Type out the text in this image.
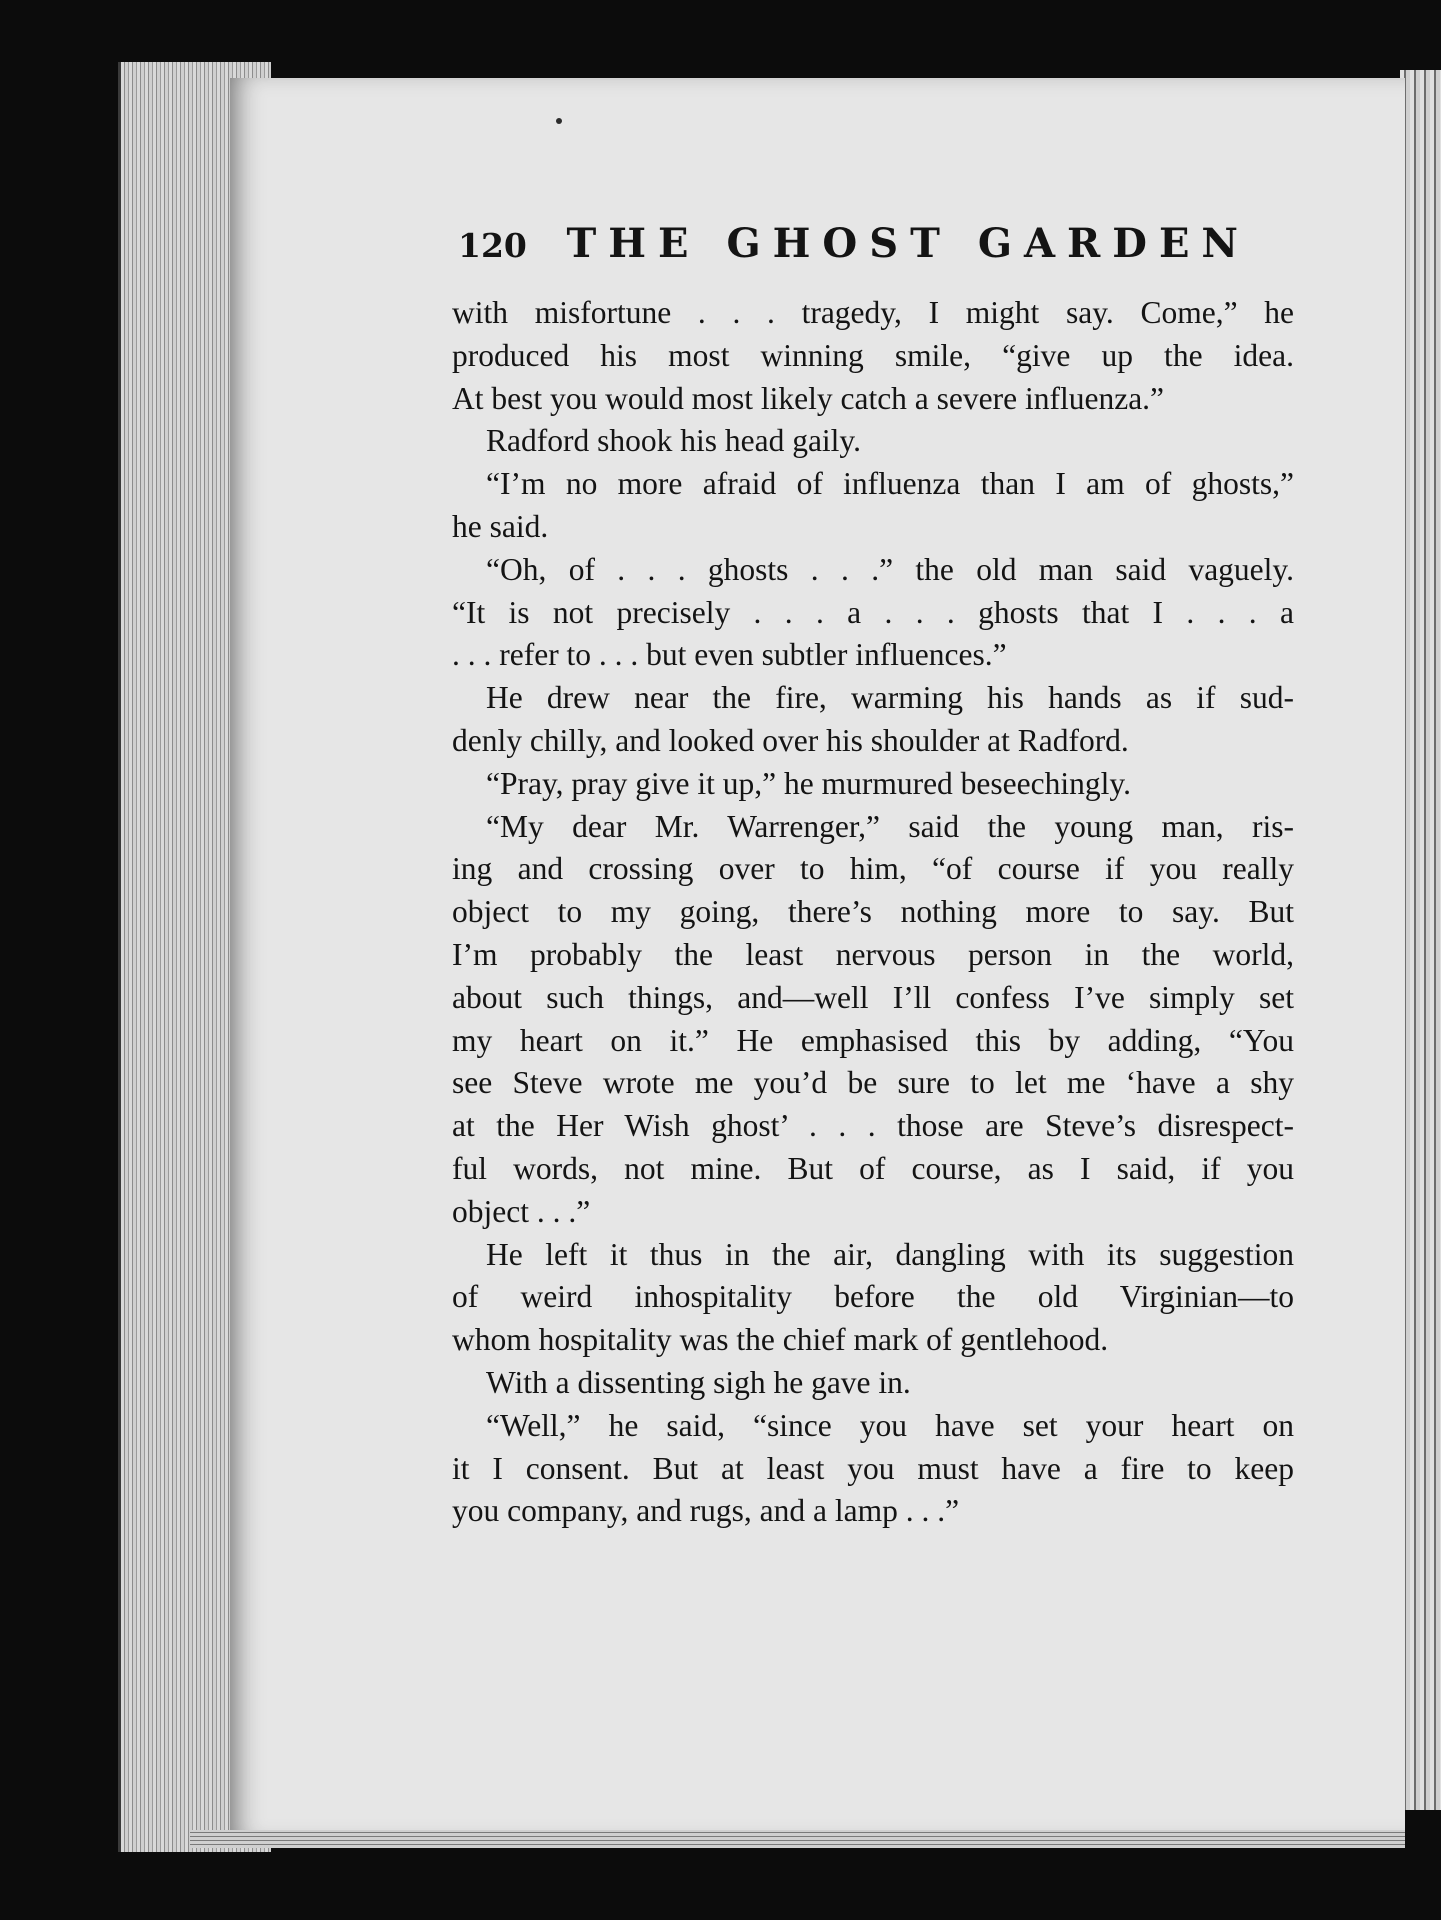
120 THE GHOST GARDEN
with misfortune . . . tragedy, I might say. Come,” he
produced his most winning smile, “give up the idea.
At best you would most likely catch a severe influenza.”
Radford shook his head gaily.
“I’m no more afraid of influenza than I am of ghosts,”
he said.
“Oh, of . . . ghosts . . .” the old man said vaguely.
“It is not precisely . . . a . . . ghosts that I . . . a
. . . refer to . . . but even subtler influences.”
He drew near the fire, warming his hands as if sud-
denly chilly, and looked over his shoulder at Radford.
“Pray, pray give it up,” he murmured beseechingly.
“My dear Mr. Warrenger,” said the young man, ris-
ing and crossing over to him, “of course if you really
object to my going, there’s nothing more to say. But
I’m probably the least nervous person in the world,
about such things, and—well I’ll confess I’ve simply set
my heart on it.” He emphasised this by adding, “You
see Steve wrote me you’d be sure to let me ‘have a shy
at the Her Wish ghost’ . . . those are Steve’s disrespect-
ful words, not mine. But of course, as I said, if you
object . . .”
He left it thus in the air, dangling with its suggestion
of weird inhospitality before the old Virginian—to
whom hospitality was the chief mark of gentlehood.
With a dissenting sigh he gave in.
“Well,” he said, “since you have set your heart on
it I consent. But at least you must have a fire to keep
you company, and rugs, and a lamp . . .”
